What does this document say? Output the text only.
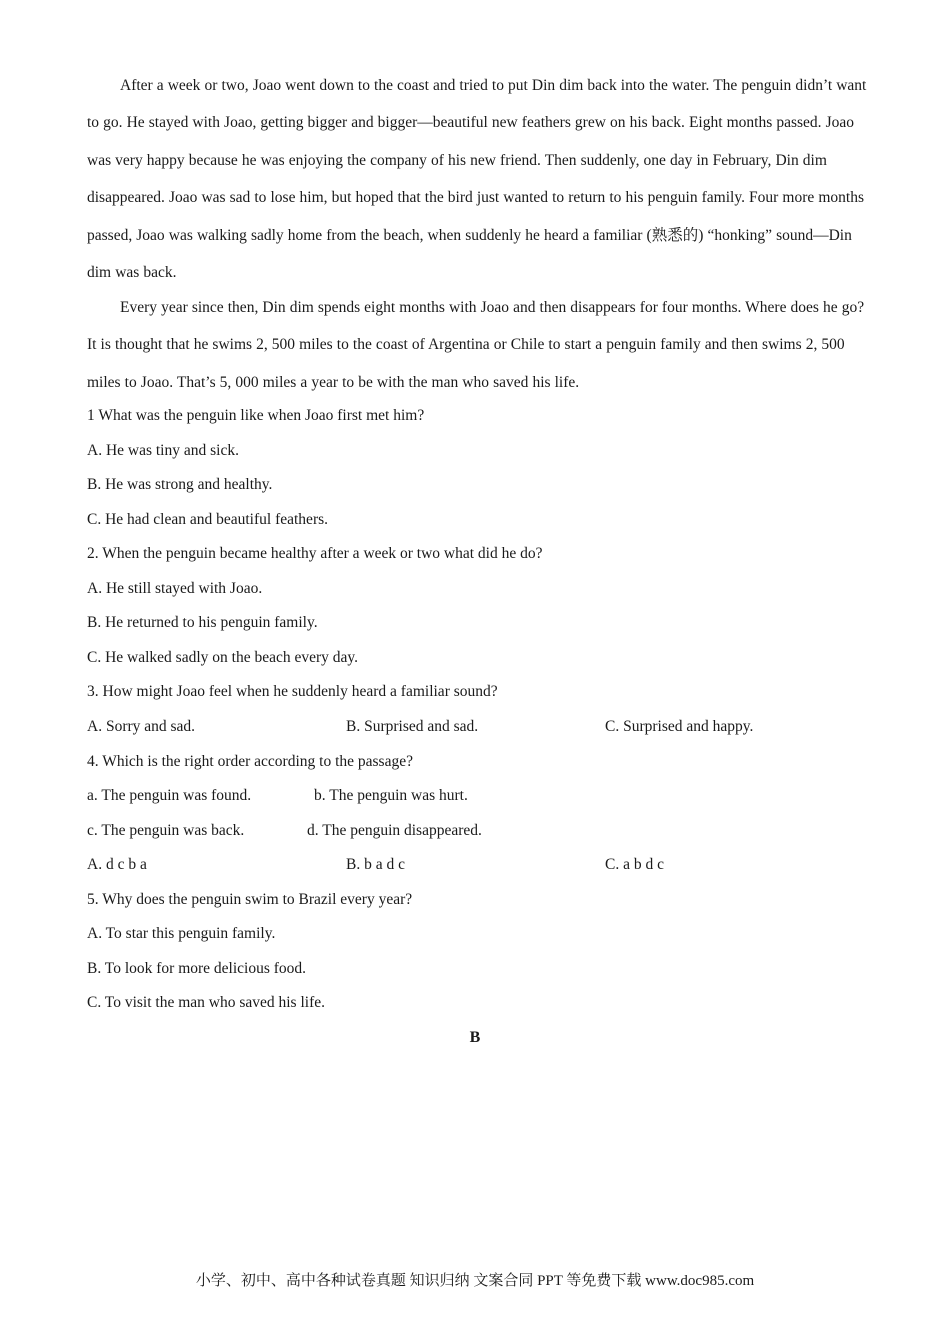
After a week or two, Joao went down to the coast and tried to put Din dim back into the water. The penguin didn’t want to go. He stayed with Joao, getting bigger and bigger—beautiful new feathers grew on his back. Eight months passed. Joao was very happy because he was enjoying the company of his new friend. Then suddenly, one day in February, Din dim disappeared. Joao was sad to lose him, but hoped that the bird just wanted to return to his penguin family. Four more months passed, Joao was walking sadly home from the beach, when suddenly he heard a familiar (熟悉的) “honking” sound—Din dim was back.

Every year since then, Din dim spends eight months with Joao and then disappears for four months. Where does he go? It is thought that he swims 2, 500 miles to the coast of Argentina or Chile to start a penguin family and then swims 2, 500 miles to Joao. That’s 5, 000 miles a year to be with the man who saved his life.

1 What was the penguin like when Joao first met him?
A. He was tiny and sick.
B. He was strong and healthy.
C. He had clean and beautiful feathers.
2. When the penguin became healthy after a week or two what did he do?
A. He still stayed with Joao.
B. He returned to his penguin family.
C. He walked sadly on the beach every day.
3. How might Joao feel when he suddenly heard a familiar sound?
A. Sorry and sad.	B. Surprised and sad.	C. Surprised and happy.
4. Which is the right order according to the passage?
a. The penguin was found.	b. The penguin was hurt.
c. The penguin was back.	d. The penguin disappeared.
A. d c b a	B. b a d c	C. a b d c
5. Why does the penguin swim to Brazil every year?
A. To star this penguin family.
B. To look for more delicious food.
C. To visit the man who saved his life.
B
小学、初中、高中各种试卷真题 知识归纳 文案合同 PPT 等免费下载 www.doc985.com
